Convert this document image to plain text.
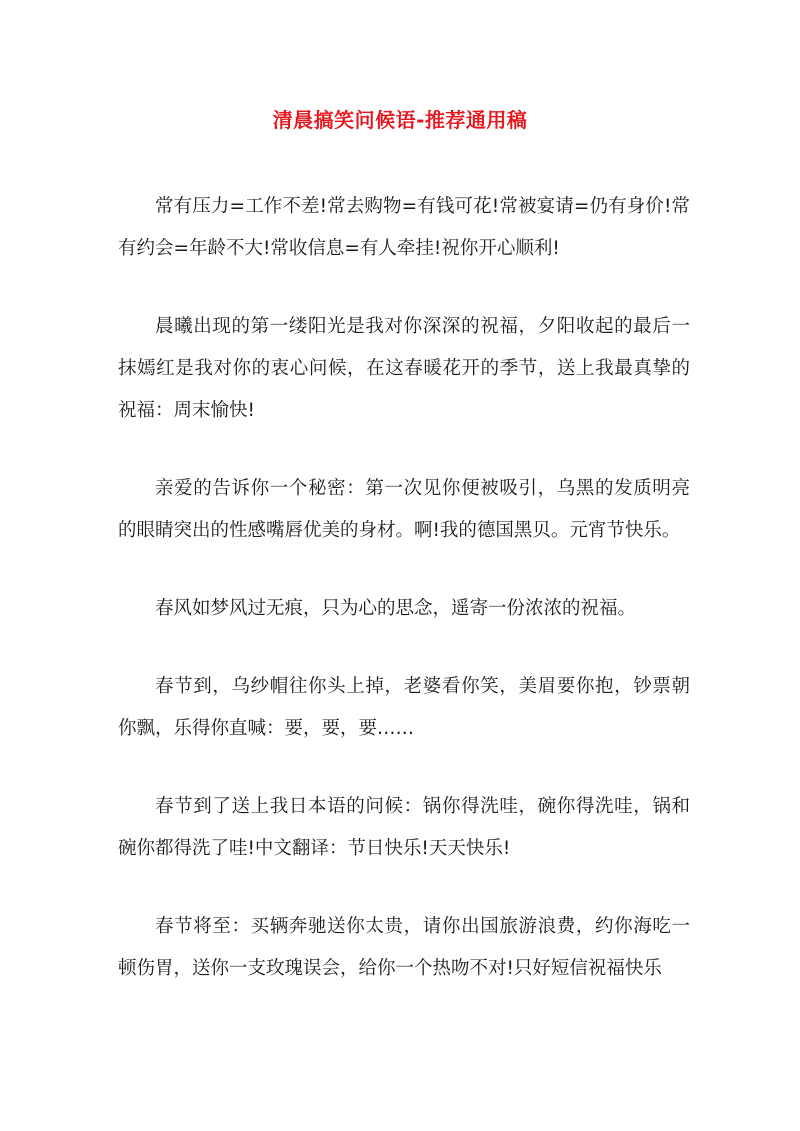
清晨搞笑问候语-推荐通用稿

常有压力=工作不差!常去购物=有钱可花!常被宴请=仍有身价!常有约会=年龄不大!常收信息=有人牵挂!祝你开心顺利!

晨曦出现的第一缕阳光是我对你深深的祝福，夕阳收起的最后一抹嫣红是我对你的衷心问候，在这春暖花开的季节，送上我最真挚的祝福：周末愉快!

亲爱的告诉你一个秘密：第一次见你便被吸引，乌黑的发质明亮的眼睛突出的性感嘴唇优美的身材。啊!我的德国黑贝。元宵节快乐。

春风如梦风过无痕，只为心的思念，遥寄一份浓浓的祝福。

春节到，乌纱帽往你头上掉，老婆看你笑，美眉要你抱，钞票朝你飘，乐得你直喊：要，要，要……

春节到了送上我日本语的问候：锅你得洗哇，碗你得洗哇，锅和碗你都得洗了哇!中文翻译：节日快乐!天天快乐!

春节将至：买辆奔驰送你太贵，请你出国旅游浪费，约你海吃一顿伤胃，送你一支玫瑰误会，给你一个热吻不对!只好短信祝福快乐
